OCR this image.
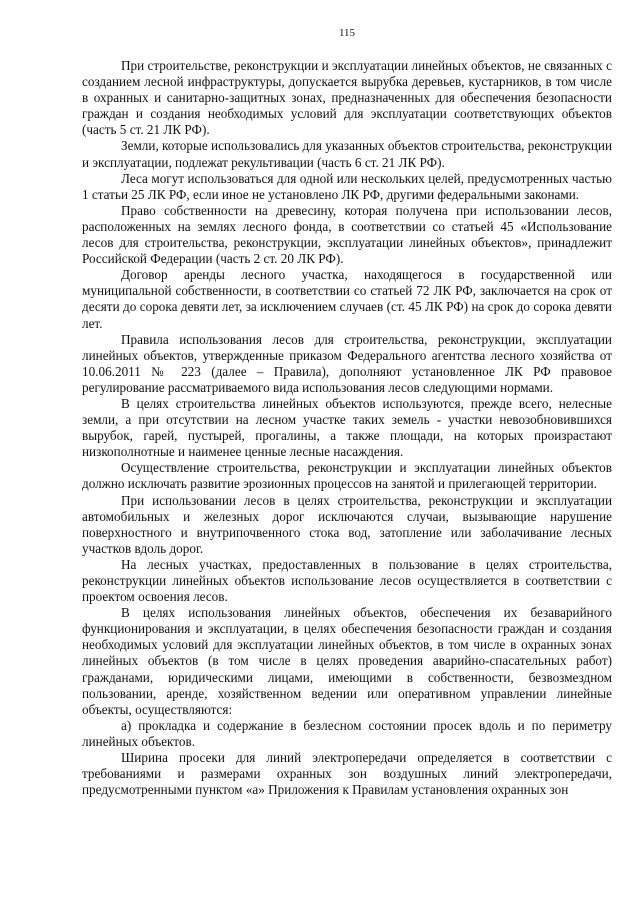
115

При строительстве, реконструкции и эксплуатации линейных объектов, не связанных с созданием лесной инфраструктуры, допускается вырубка деревьев, кустарников, в том числе в охранных и санитарно-защитных зонах, предназначенных для обеспечения безопасности граждан и создания необходимых условий для эксплуатации соответствующих объектов (часть 5 ст. 21 ЛК РФ).

Земли, которые использовались для указанных объектов строительства, реконструкции и эксплуатации, подлежат рекультивации (часть 6 ст. 21 ЛК РФ).

Леса могут использоваться для одной или нескольких целей, предусмотренных частью 1 статьи 25 ЛК РФ, если иное не установлено ЛК РФ, другими федеральными законами.

Право собственности на древесину, которая получена при использовании лесов, расположенных на землях лесного фонда, в соответствии со статьей 45 «Использование лесов для строительства, реконструкции, эксплуатации линейных объектов», принадлежит Российской Федерации (часть 2 ст. 20 ЛК РФ).

Договор аренды лесного участка, находящегося в государственной или муниципальной собственности, в соответствии со статьей 72 ЛК РФ, заключается на срок от десяти до сорока девяти лет, за исключением случаев (ст. 45 ЛК РФ) на срок до сорока девяти лет.

Правила использования лесов для строительства, реконструкции, эксплуатации линейных объектов, утвержденные приказом Федерального агентства лесного хозяйства от 10.06.2011 № 223 (далее – Правила), дополняют установленное ЛК РФ правовое регулирование рассматриваемого вида использования лесов следующими нормами.

В целях строительства линейных объектов используются, прежде всего, нелесные земли, а при отсутствии на лесном участке таких земель - участки невозобновившихся вырубок, гарей, пустырей, прогалины, а также площади, на которых произрастают низкополнотные и наименее ценные лесные насаждения.

Осуществление строительства, реконструкции и эксплуатации линейных объектов должно исключать развитие эрозионных процессов на занятой и прилегающей территории.

При использовании лесов в целях строительства, реконструкции и эксплуатации автомобильных и железных дорог исключаются случаи, вызывающие нарушение поверхностного и внутрипочвенного стока вод, затопление или заболачивание лесных участков вдоль дорог.

На лесных участках, предоставленных в пользование в целях строительства, реконструкции линейных объектов использование лесов осуществляется в соответствии с проектом освоения лесов.

В целях использования линейных объектов, обеспечения их безаварийного функционирования и эксплуатации, в целях обеспечения безопасности граждан и создания необходимых условий для эксплуатации линейных объектов, в том числе в охранных зонах линейных объектов (в том числе в целях проведения аварийно-спасательных работ) гражданами, юридическими лицами, имеющими в собственности, безвозмездном пользовании, аренде, хозяйственном ведении или оперативном управлении линейные объекты, осуществляются:

а) прокладка и содержание в безлесном состоянии просек вдоль и по периметру линейных объектов.

Ширина просеки для линий электропередачи определяется в соответствии с требованиями и размерами охранных зон воздушных линий электропередачи, предусмотренными пунктом «а» Приложения к Правилам установления охранных зон
